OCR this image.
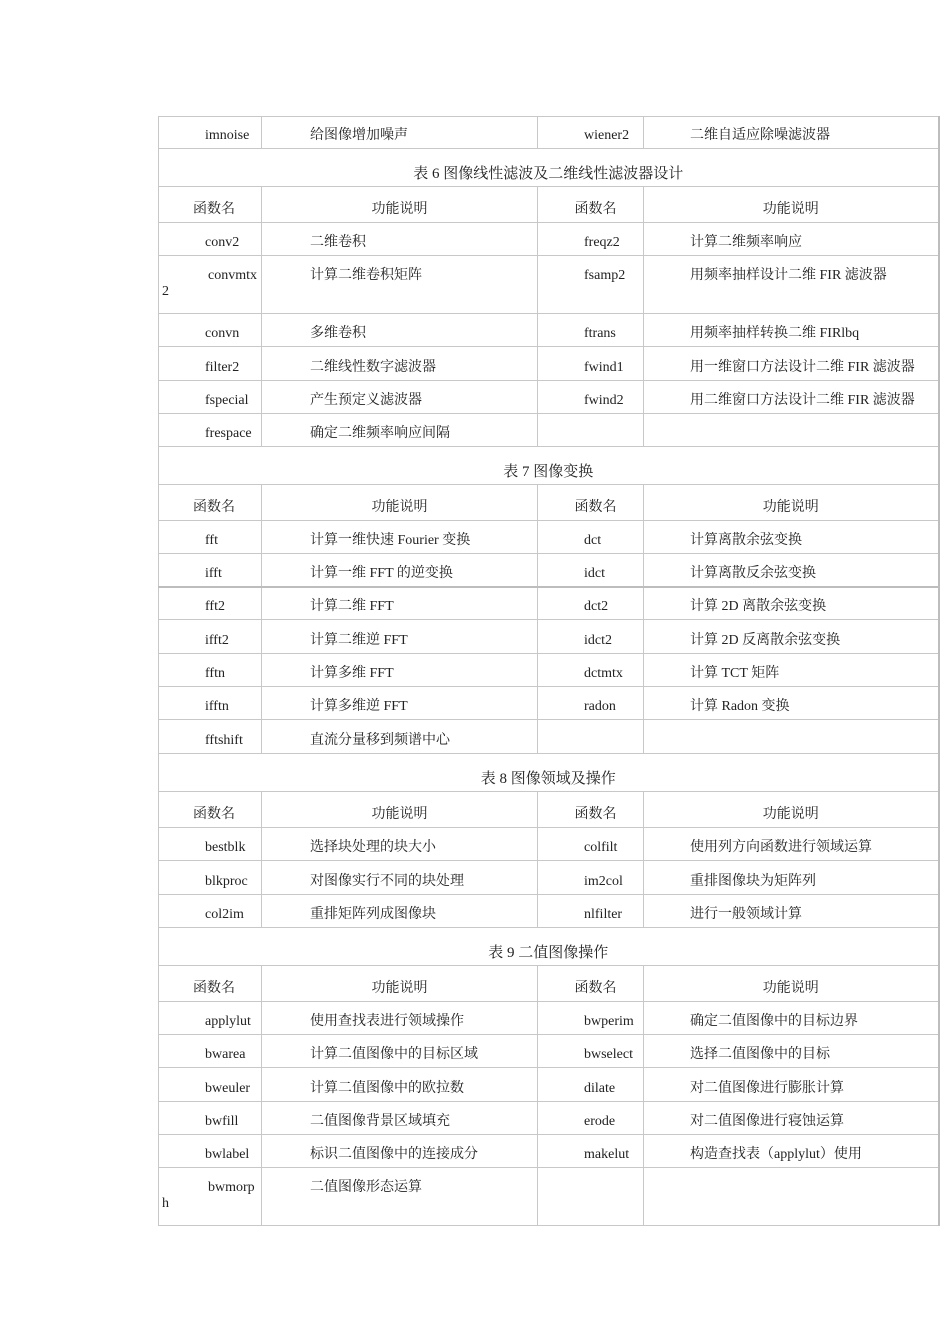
imnoise	给图像增加噪声	wiener2	二维自适应除噪滤波器
表 6 图像线性滤波及二维线性滤波器设计			
函数名	功能说明	函数名	功能说明
conv2	二维卷积	freqz2	计算二维频率响应
convmtx2	计算二维卷积矩阵	fsamp2	用频率抽样设计二维 FIR 滤波器
convn	多维卷积	ftrans	用频率抽样转换二维 FIRlbq
filter2	二维线性数字滤波器	fwind1	用一维窗口方法设计二维 FIR 滤波器
fspecial	产生预定义滤波器	fwind2	用二维窗口方法设计二维 FIR 滤波器
frespace	确定二维频率响应间隔		
表 7 图像变换			
函数名	功能说明	函数名	功能说明
fft	计算一维快速 Fourier 变换	dct	计算离散余弦变换
ifft	计算一维 FFT 的逆变换	idct	计算离散反余弦变换
fft2	计算二维 FFT	dct2	计算 2D 离散余弦变换
ifft2	计算二维逆 FFT	idct2	计算 2D 反离散余弦变换
fftn	计算多维 FFT	dctmtx	计算 TCT 矩阵
ifftn	计算多维逆 FFT	radon	计算 Radon 变换
fftshift	直流分量移到频谱中心		
表 8 图像领域及操作			
函数名	功能说明	函数名	功能说明
bestblk	选择块处理的块大小	colfilt	使用列方向函数进行领域运算
blkproc	对图像实行不同的块处理	im2col	重排图像块为矩阵列
col2im	重排矩阵列成图像块	nlfilter	进行一般领域计算
表 9 二值图像操作			
函数名	功能说明	函数名	功能说明
applylut	使用查找表进行领域操作	bwperim	确定二值图像中的目标边界
bwarea	计算二值图像中的目标区域	bwselect	选择二值图像中的目标
bweuler	计算二值图像中的欧拉数	dilate	对二值图像进行膨胀计算
bwfill	二值图像背景区域填充	erode	对二值图像进行寝蚀运算
bwlabel	标识二值图像中的连接成分	makelut	构造查找表（applylut）使用
bwmorph	二值图像形态运算		
